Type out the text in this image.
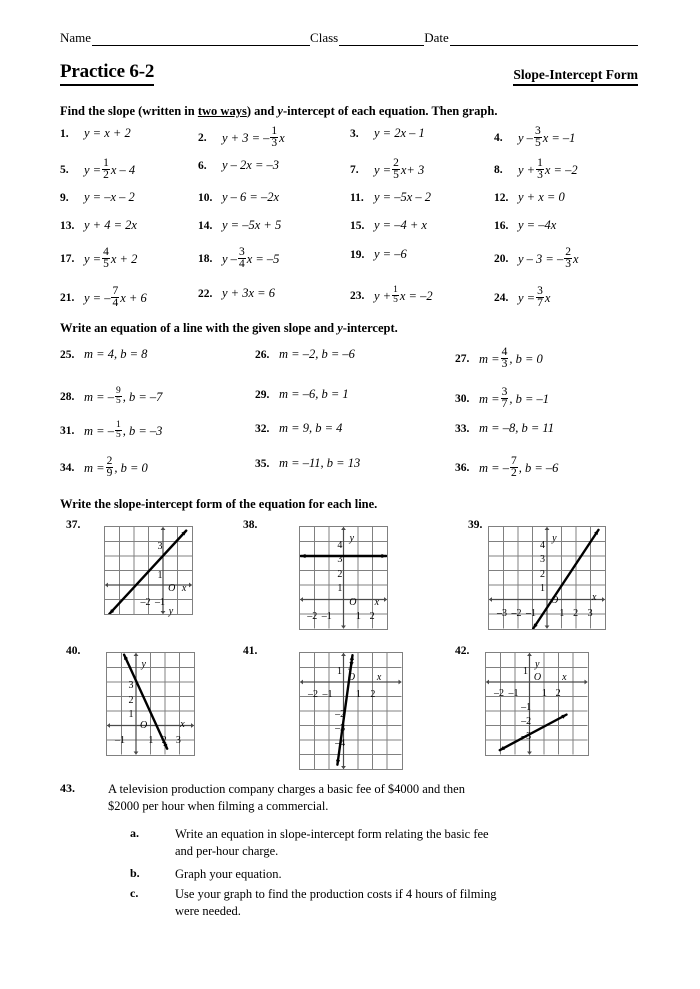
Name	Class	Date
Practice 6-2	Slope-Intercept Form
Find the slope (written in two ways) and y-intercept of each equation. Then graph.
Write an equation of a line with the given slope and y-intercept.
Write the slope-intercept form of the equation for each line.
1.	y = x + 2	2.	y + 3 = – $\frac{1}{3}$ x	3.	y = 2x – 1	4.	y – $\frac{3}{5}$ x = –1
5.	$y = \frac{1}{2}$ x – 4	6.	y – 2x = –3	7.	$y = \frac{2}{5} x+ 3$	8.	$y + \frac{1}{3}$ x = –2
9.	y = –x – 2	10. y – 6 = –2x	11. y = –5x – 2	12. y + x = 0
13. y + 4 = 2x	14. y = –5x + 5	15. y = –4 + x	16. y = –4x
17. $y = \frac{4}{5}$ x + 2	18. y – $\frac{3}{4}$ x = –5	19. y = –6	20. y – 3 = – $\frac{2}{3}$ x
21. y = – $\frac{7}{4}$ x + 6	22. y + 3x = 6	23. $y + \frac{1}{5}$ x = –2	24. $y = \frac{3}{7}$ x
25. m = 4, b = 8	26. m = –2, b = –6	27. $m = \frac{4}{3}$ , b = 0
28. m = – $\frac{9}{5}$ , b = –7	29. m = –6, b = 1	30. $m = \frac{3}{7}$ , b = –1
31. m = – $\frac{1}{5}$ , b = –3	32. m = 9, b = 4	33. m = –8, b = 11
34. $m = \frac{2}{9}$ , b = 0	35. m = –11, b = 13	36. m = – $\frac{7}{2}$ , b = –6
37.
3
1
O x
–2 –1
y
38.
y
4
3
2
1
O x
–2 –1 1 2
39.
y
4
3
2
1
O	x
–3 –2 –1 1 2 3
40.
y
3
2
1
O	x
–1 1 2 3
41.
1
y
O x
–2 –1 1 2
–2
–3
–4
42.
y
1
O x
–2 –1 1 2
–1
–2
–3
43.	A television production company charges a basic fee of $4000 and then
$2000 per hour when filming a commercial.
a.	Write an equation in slope-intercept form relating the basic fee
and per-hour charge.
b.	Graph your equation.
c.	Use your graph to find the production costs if 4 hours of filming
were needed.
